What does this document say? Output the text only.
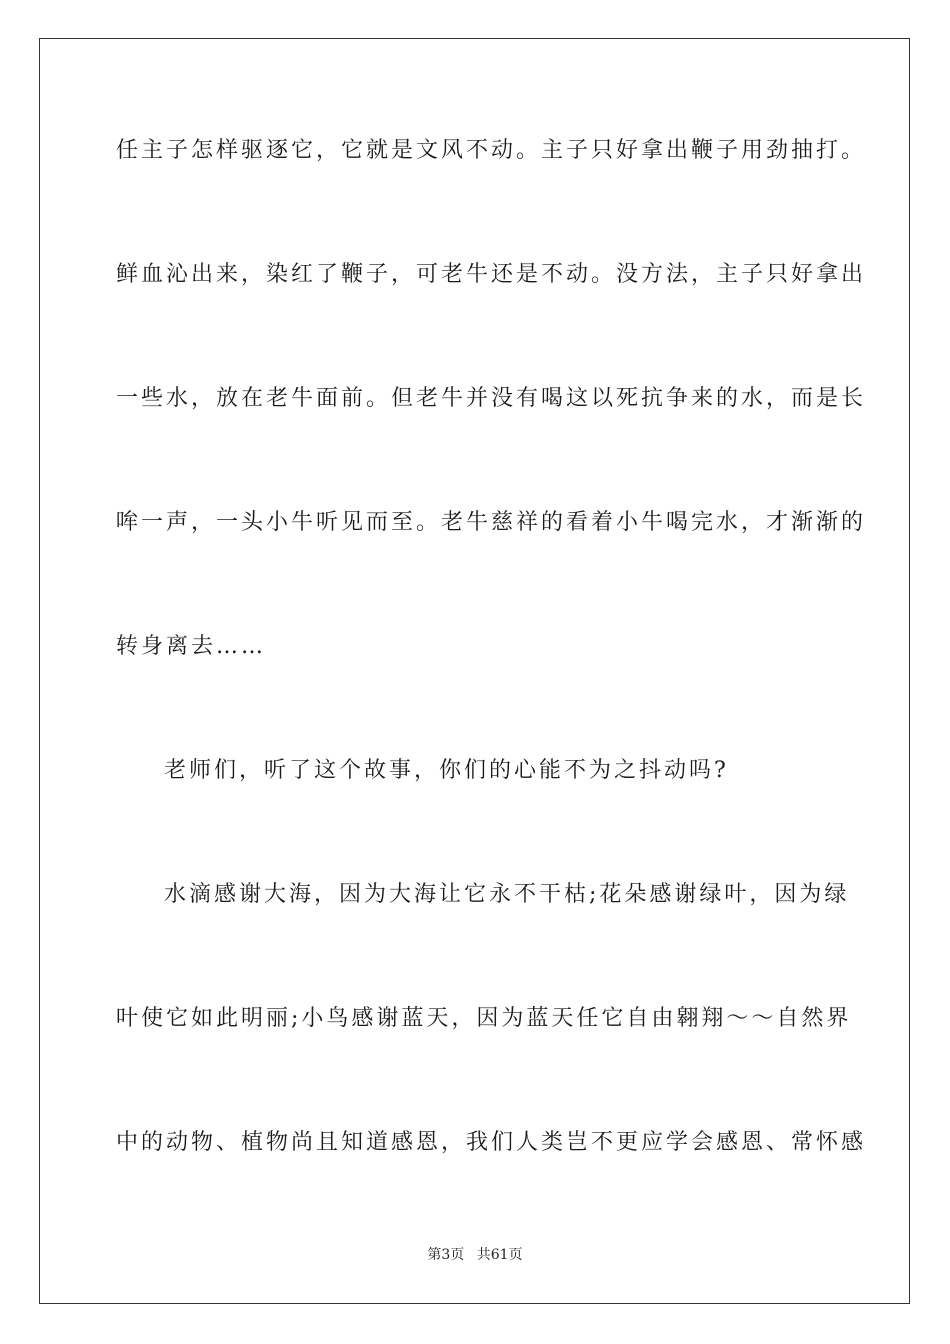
任主子怎样驱逐它，它就是文风不动。主子只好拿出鞭子用劲抽打。
鲜血沁出来，染红了鞭子，可老牛还是不动。没方法，主子只好拿出
一些水，放在老牛面前。但老牛并没有喝这以死抗争来的水，而是长
哞一声，一头小牛听见而至。老牛慈祥的看着小牛喝完水，才渐渐的
转身离去……
老师们，听了这个故事，你们的心能不为之抖动吗?
水滴感谢大海，因为大海让它永不干枯;花朵感谢绿叶，因为绿
叶使它如此明丽;小鸟感谢蓝天，因为蓝天任它自由翱翔～～自然界
中的动物、植物尚且知道感恩，我们人类岂不更应学会感恩、常怀感
第3页 共61页
